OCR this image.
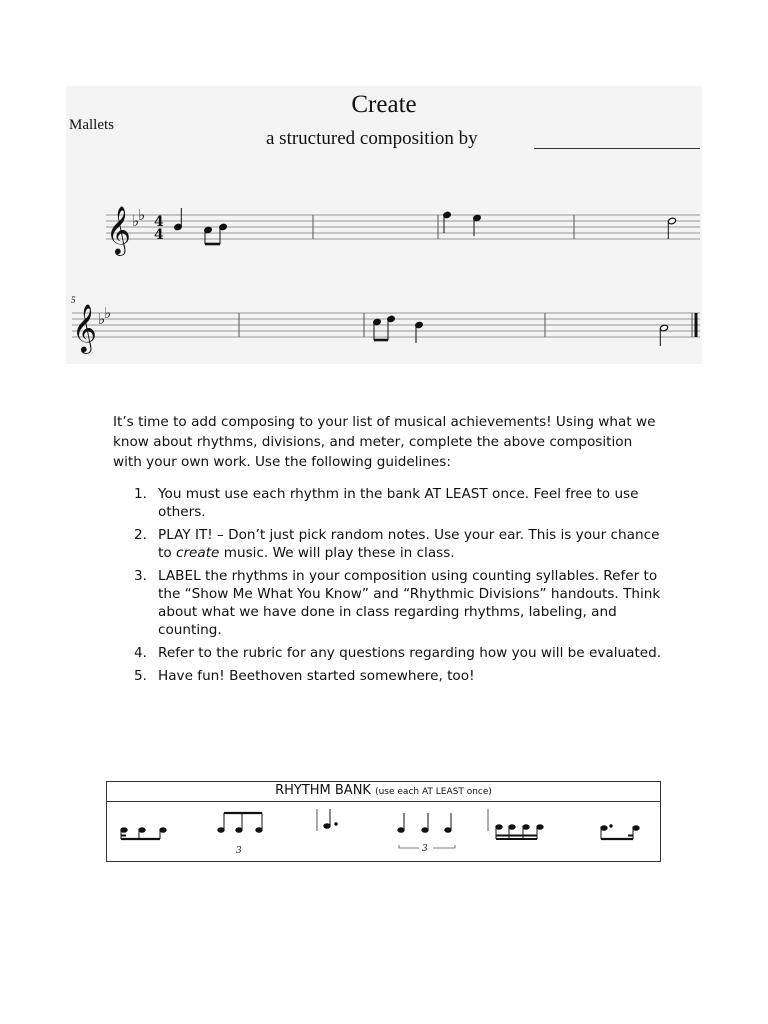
Mallets
Create
a structured composition by
5
𝄞 ♭
♭ 4
4
𝄞 ♭
♭

It’s time to add composing to your list of musical achievements! Using what we know about rhythms, divisions, and meter, complete the above composition with your own work. Use the following guidelines:

1. You must use each rhythm in the bank AT LEAST once. Feel free to use others.
2. PLAY IT! – Don’t just pick random notes. Use your ear. This is your chance to create music. We will play these in class.
3. LABEL the rhythms in your composition using counting syllables. Refer to the “Show Me What You Know” and “Rhythmic Divisions” handouts. Think about what we have done in class regarding rhythms, labeling, and counting.
4. Refer to the rubric for any questions regarding how you will be evaluated.
5. Have fun! Beethoven started somewhere, too!
RHYTHM BANK (use each AT LEAST once)
3	3
